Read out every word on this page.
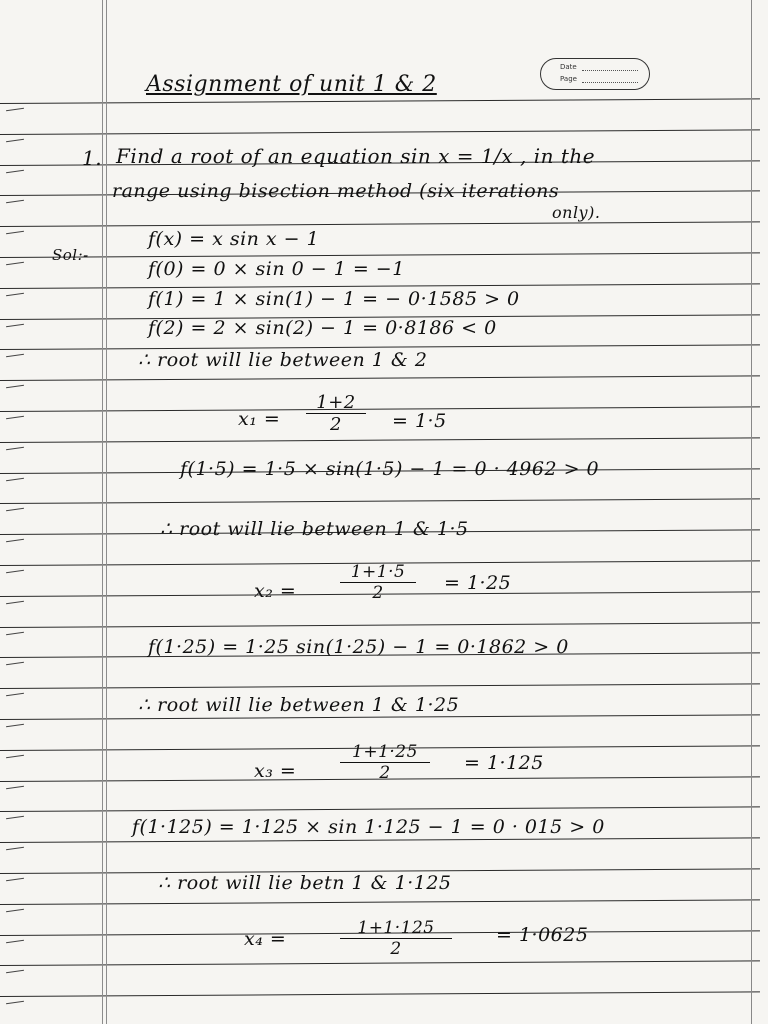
Date
Page
Assignment of unit 1 & 2
1. Find a root of an equation sin x = 1/x , in the
range using bisection method (six iterations
only).
Sol:-
f(x) = x sin x − 1
f(0) = 0 × sin 0 − 1 = −1
f(1) = 1 × sin(1) − 1 = − 0·1585 > 0
f(2) = 2 × sin(2) − 1 = 0·8186 < 0
∴ root will lie between 1 & 2
$x_1 = \frac{1+2}{2} = 1\cdot 5$
f(1·5) = 1·5 × sin(1·5) − 1 = 0 · 4962 > 0
∴ root will lie between 1 & 1·5
x₂ =	$\frac{1+1\cdot 5}{2} = 1\cdot 25$
f(1·25) = 1·25 sin(1·25) − 1 = 0·1862 > 0
∴ root will lie between 1 & 1·25
x₃ =	$\frac{1+1\cdot 25}{2} = 1\cdot 125$
f(1·125) = 1·125 × sin 1·125 − 1 = 0 · 015 > 0
∴ root will lie betn 1 & 1·125
x₄ =	$\frac{1+1\cdot 125}{2} = 1\cdot 0625$
